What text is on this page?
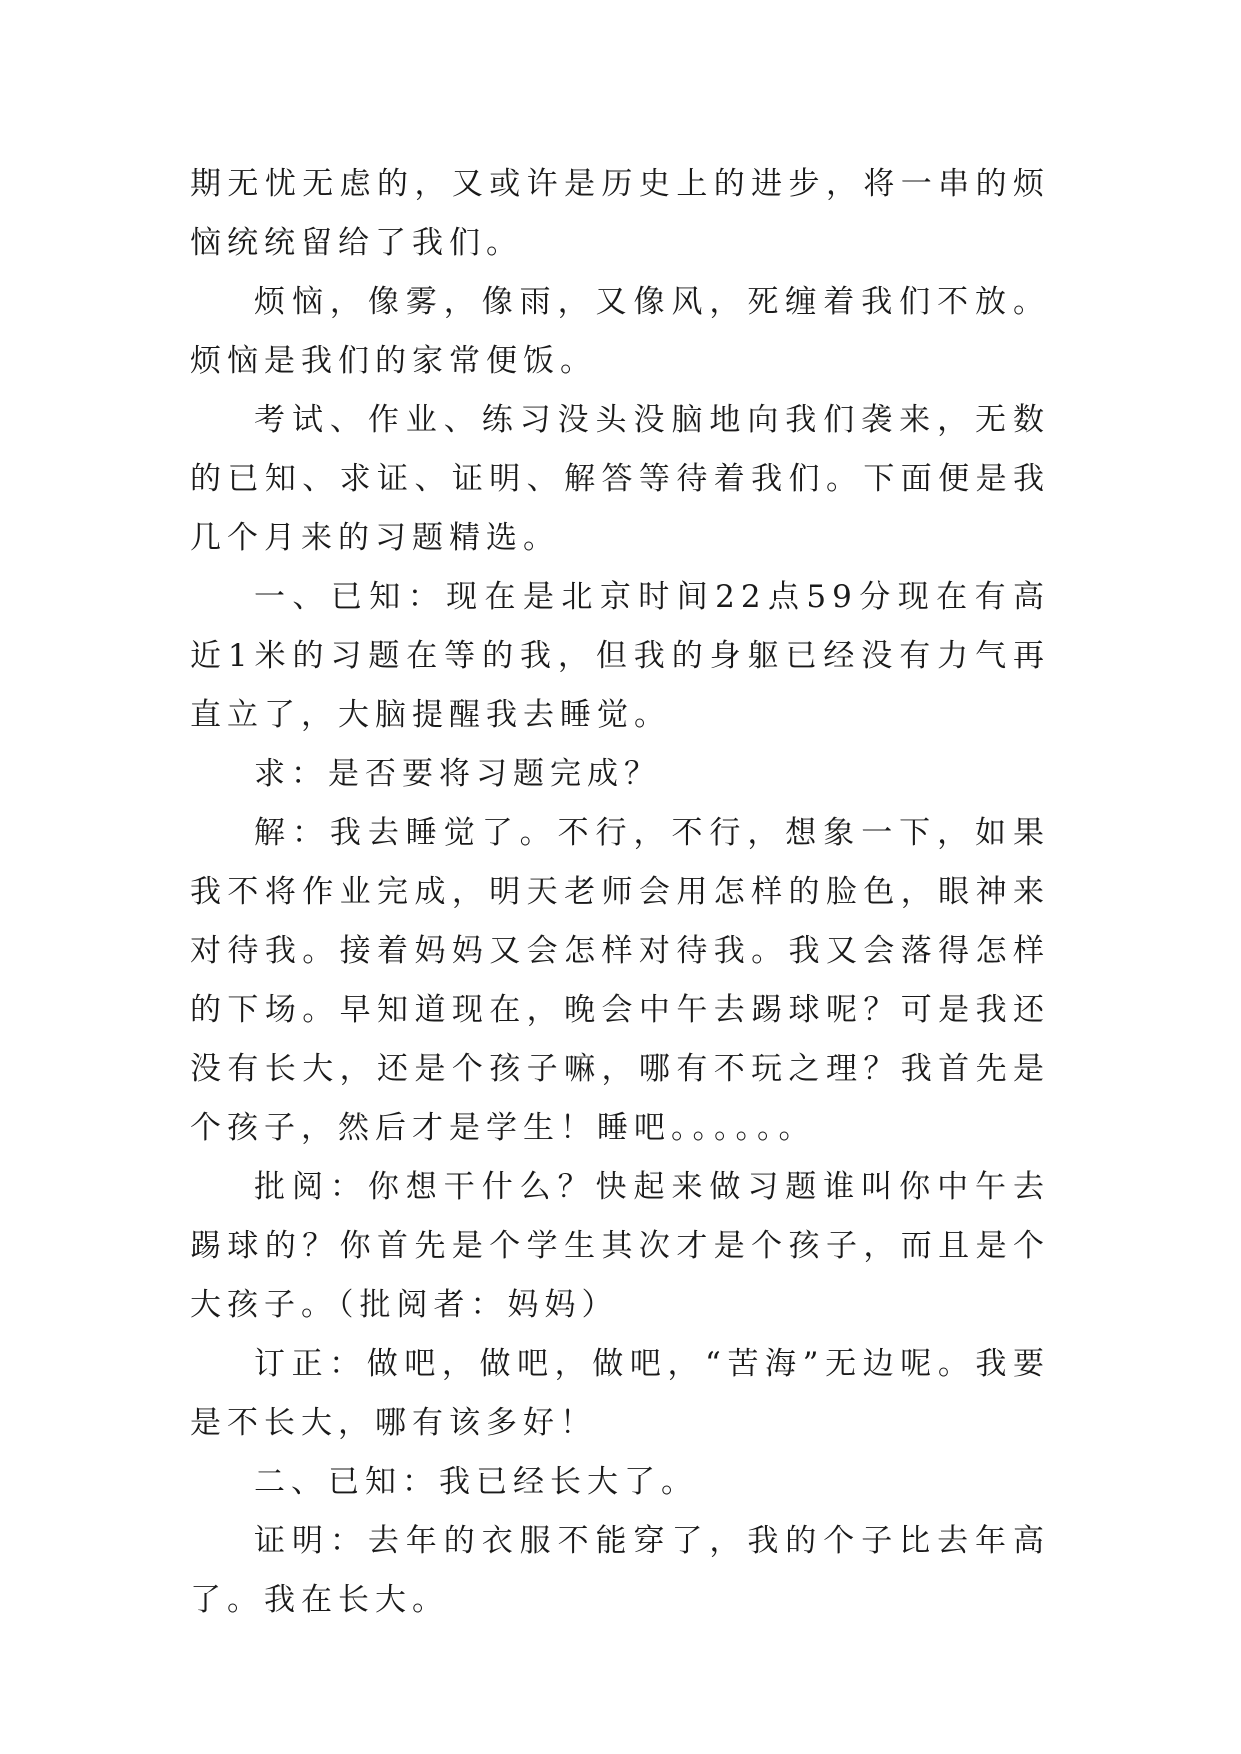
期无忧无虑的，又或许是历史上的进步，将一串的烦恼统统留给了我们。

烦恼，像雾，像雨，又像风，死缠着我们不放。烦恼是我们的家常便饭。

考试、作业、练习没头没脑地向我们袭来，无数的已知、求证、证明、解答等待着我们。下面便是我几个月来的习题精选。

一、已知：现在是北京时间22点59分现在有高近1米的习题在等的我，但我的身躯已经没有力气再直立了，大脑提醒我去睡觉。

求：是否要将习题完成？

解：我去睡觉了。不行，不行，想象一下，如果我不将作业完成，明天老师会用怎样的脸色，眼神来对待我。接着妈妈又会怎样对待我。我又会落得怎样的下场。早知道现在，晚会中午去踢球呢？可是我还没有长大，还是个孩子嘛，哪有不玩之理？我首先是个孩子，然后才是学生！睡吧。。。。。。

批阅：你想干什么？快起来做习题谁叫你中午去踢球的？你首先是个学生其次才是个孩子，而且是个大孩子。（批阅者：妈妈）

订正：做吧，做吧，做吧，“苦海”无边呢。我要是不长大，哪有该多好！

二、已知：我已经长大了。

证明：去年的衣服不能穿了，我的个子比去年高了。我在长大。
